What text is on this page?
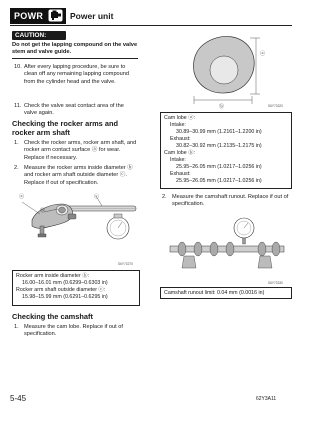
POWR	Power unit
CAUTION:
Do not get the lapping compound on the valve stem and valve guide.
10. After every lapping procedure, be sure to clean off any remaining lapping compound from the cylinder head and the valve.
11. Check the valve seat contact area of the valve again.
Checking the rocker arms and rocker arm shaft
1. Check the rocker arms, rocker arm shaft, and rocker arm contact surface ⓐ for wear. Replace if necessary.
2. Measure the rocker arms inside diameter ⓑ and rocker arm shaft outside diameter ⓒ. Replace if out of specification.
ⓐ
ⓑ
ⓒ
S6Y73270
Rocker arm inside diameter ⓑ:
16.00–16.01 mm (0.6299–0.6303 in)
Rocker arm shaft outside diameter ⓒ:
15.98–15.99 mm (0.6291–0.6295 in)
Checking the camshaft
1. Measure the cam lobe. Replace if out of specification.
ⓐ
ⓑ	S6Y73320
Cam lobe ⓐ:
Intake:
30.89–30.99 mm (1.2161–1.2200 in)
Exhaust:
30.82–30.92 mm (1.2135–1.2175 in)
Cam lobe ⓑ:
Intake:
25.95–26.05 mm (1.0217–1.0256 in)
Exhaust:
25.95–26.05 mm (1.0217–1.0256 in)
2. Measure the camshaft runout. Replace if out of specification.
S6Y73330
Camshaft runout limit: 0.04 mm (0.0016 in)
5-45	62Y3A11
